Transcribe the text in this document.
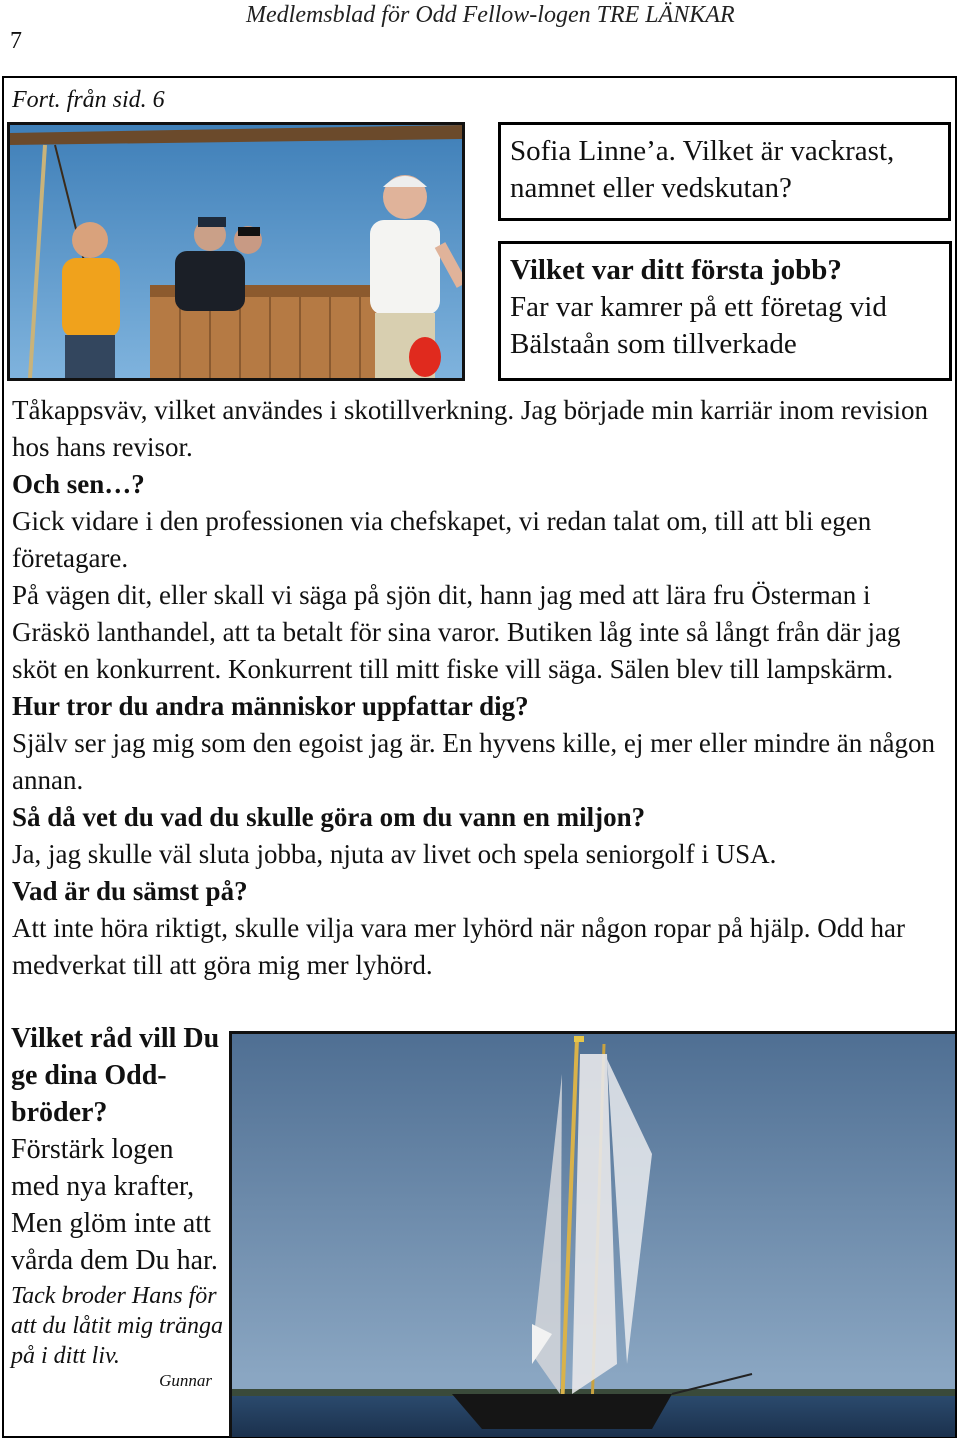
7
Medlemsblad för Odd Fellow-logen TRE LÄNKAR
Fort. från sid. 6
Sofia Linne’a. Vilket är vackrast, namnet eller vedskutan?
Vilket var ditt första jobb?
Far var kamrer på ett företag vid Bälstaån som tillverkade

Tåkappsväv, vilket användes i skotillverkning. Jag började min karriär inom revision hos hans revisor.

Och sen…?

Gick vidare i den professionen via chefskapet, vi redan talat om, till att bli egen företagare.

På vägen dit, eller skall vi säga på sjön dit, hann jag med att lära fru Österman i Gräskö lanthandel, att ta betalt för sina varor. Butiken låg inte så långt från där jag sköt en konkurrent. Konkurrent till mitt fiske vill säga. Sälen blev till lampskärm.

Hur tror du andra människor uppfattar dig?

Själv ser jag mig som den egoist jag är. En hyvens kille, ej mer eller mindre än någon annan.

Så då vet du vad du skulle göra om du vann en miljon?

Ja, jag skulle väl sluta jobba, njuta av livet och spela seniorgolf i USA.

Vad är du sämst på?

Att inte höra riktigt, skulle vilja vara mer lyhörd när någon ropar på hjälp. Odd har medverkat till att göra mig mer lyhörd.

Vilket råd vill Du ge dina Odd-bröder?

Förstärk logen med nya krafter, Men glöm inte att vårda dem Du har.

Tack broder Hans för att du låtit mig tränga på i ditt liv.

Gunnar
